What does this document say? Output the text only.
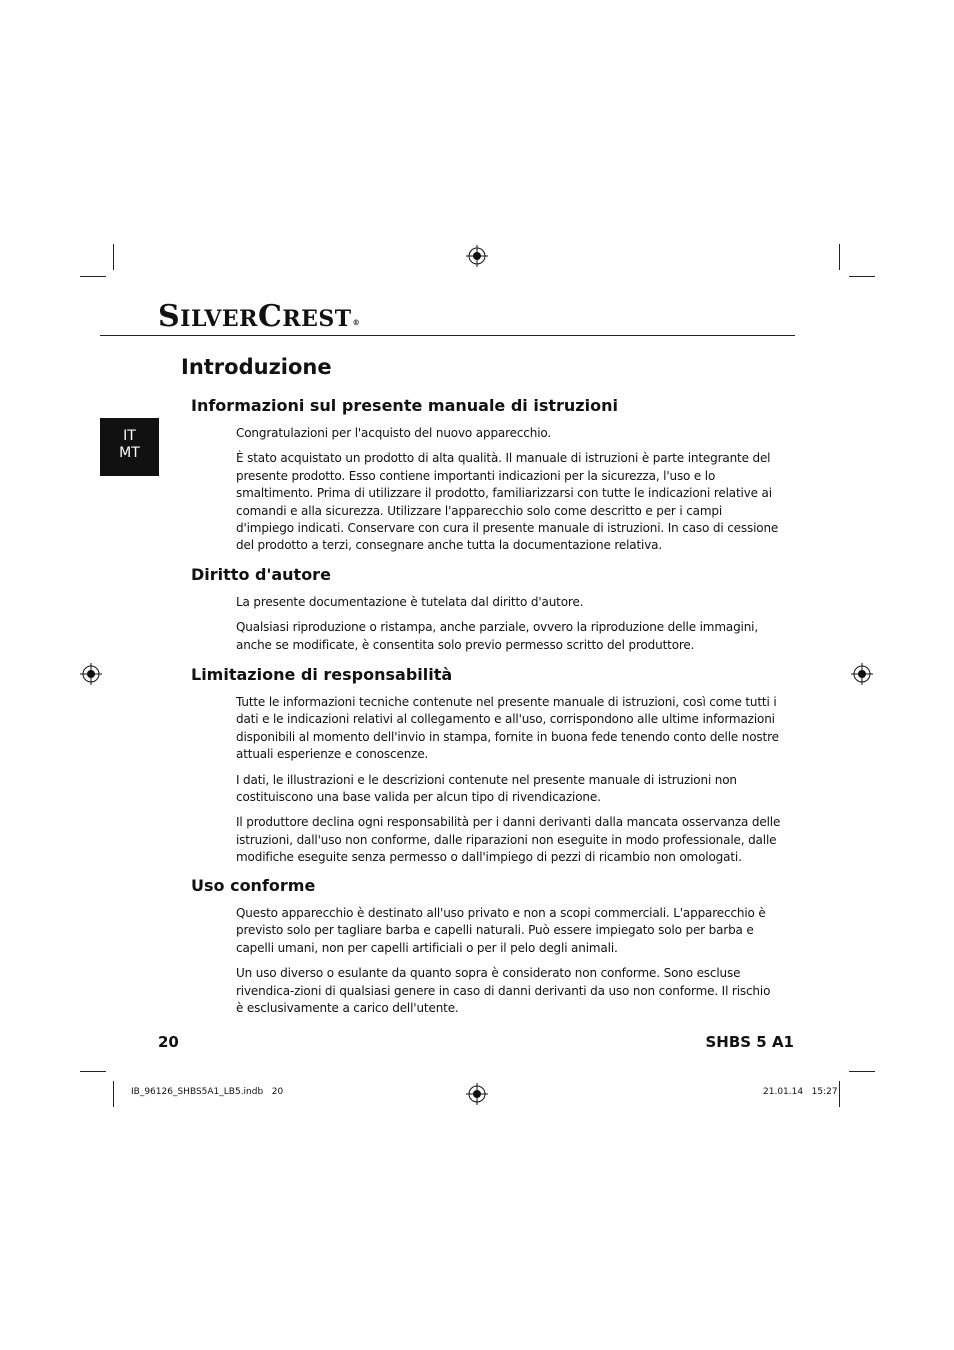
SILVERCREST®
Introduzione
IT
MT
Informazioni sul presente manuale di istruzioni

Congratulazioni per l'acquisto del nuovo apparecchio.

È stato acquistato un prodotto di alta qualità. Il manuale di istruzioni è parte integrante del presente prodotto. Esso contiene importanti indicazioni per la sicurezza, l'uso e lo smaltimento. Prima di utilizzare il prodotto, familiarizzarsi con tutte le indicazioni relative ai comandi e alla sicurezza. Utilizzare l'apparecchio solo come descritto e per i campi d'impiego indicati. Conservare con cura il presente manuale di istruzioni. In caso di cessione del prodotto a terzi, consegnare anche tutta la documentazione relativa.

Diritto d'autore

La presente documentazione è tutelata dal diritto d'autore.

Qualsiasi riproduzione o ristampa, anche parziale, ovvero la riproduzione delle immagini, anche se modificate, è consentita solo previo permesso scritto del produttore.

Limitazione di responsabilità

Tutte le informazioni tecniche contenute nel presente manuale di istruzioni, così come tutti i dati e le indicazioni relativi al collegamento e all'uso, corrispondono alle ultime informazioni disponibili al momento dell'invio in stampa, fornite in buona fede tenendo conto delle nostre attuali esperienze e conoscenze.

I dati, le illustrazioni e le descrizioni contenute nel presente manuale di istruzioni non costituiscono una base valida per alcun tipo di rivendicazione.

Il produttore declina ogni responsabilità per i danni derivanti dalla mancata osservanza delle istruzioni, dall'uso non conforme, dalle riparazioni non eseguite in modo professionale, dalle modifiche eseguite senza permesso o dall'impiego di pezzi di ricambio non omologati.

Uso conforme

Questo apparecchio è destinato all'uso privato e non a scopi commerciali. L'apparecchio è previsto solo per tagliare barba e capelli naturali. Può essere impiegato solo per barba e capelli umani, non per capelli artificiali o per il pelo degli animali.

Un uso diverso o esulante da quanto sopra è considerato non conforme. Sono escluse rivendica-zioni di qualsiasi genere in caso di danni derivanti da uso non conforme. Il rischio è esclusivamente a carico dell'utente.

20	SHBS 5 A1
IB_96126_SHBS5A1_LB5.indb   20	21.01.14   15:27
